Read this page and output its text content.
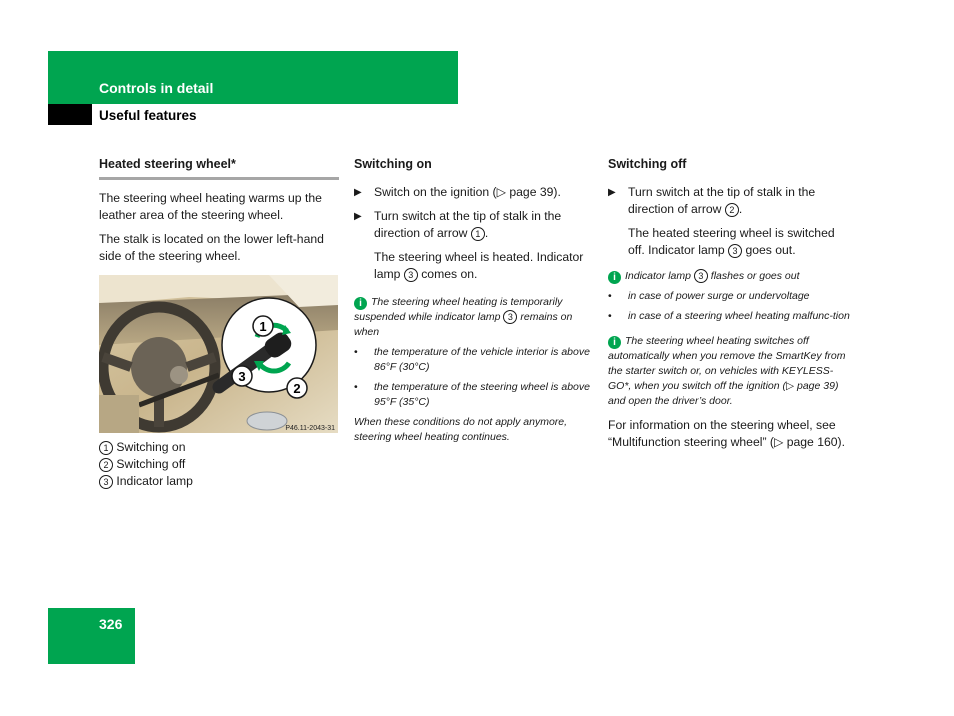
Controls in detail
Useful features
Heated steering wheel*

The steering wheel heating warms up the leather area of the steering wheel.

The stalk is located on the lower left-hand side of the steering wheel.

1
2
3
P46.11-2043-31
1 Switching on
2 Switching off
3 Indicator lamp
Switching on
▶ Switch on the ignition (▷ page 39).
▶ Turn switch at the tip of stalk in the direction of arrow 1 .
The steering wheel is heated. Indicator lamp 3 comes on.

i The steering wheel heating is temporarily suspended while indicator lamp 3 remains on when

• the temperature of the vehicle interior is above 86°F (30°C)
• the temperature of the steering wheel is above 95°F (35°C)

When these conditions do not apply anymore, steering wheel heating continues.

Switching off
▶ Turn switch at the tip of stalk in the direction of arrow 2 .
The heated steering wheel is switched off. Indicator lamp 3 goes out.

i Indicator lamp 3 flashes or goes out

• in case of power surge or undervoltage
• in case of a steering wheel heating malfunc-tion

i The steering wheel heating switches off automatically when you remove the SmartKey from the starter switch or, on vehicles with KEYLESS-GO*, when you switch off the ignition (▷ page 39) and open the driver’s door.

For information on the steering wheel, see “Multifunction steering wheel” (▷ page 160).

326
